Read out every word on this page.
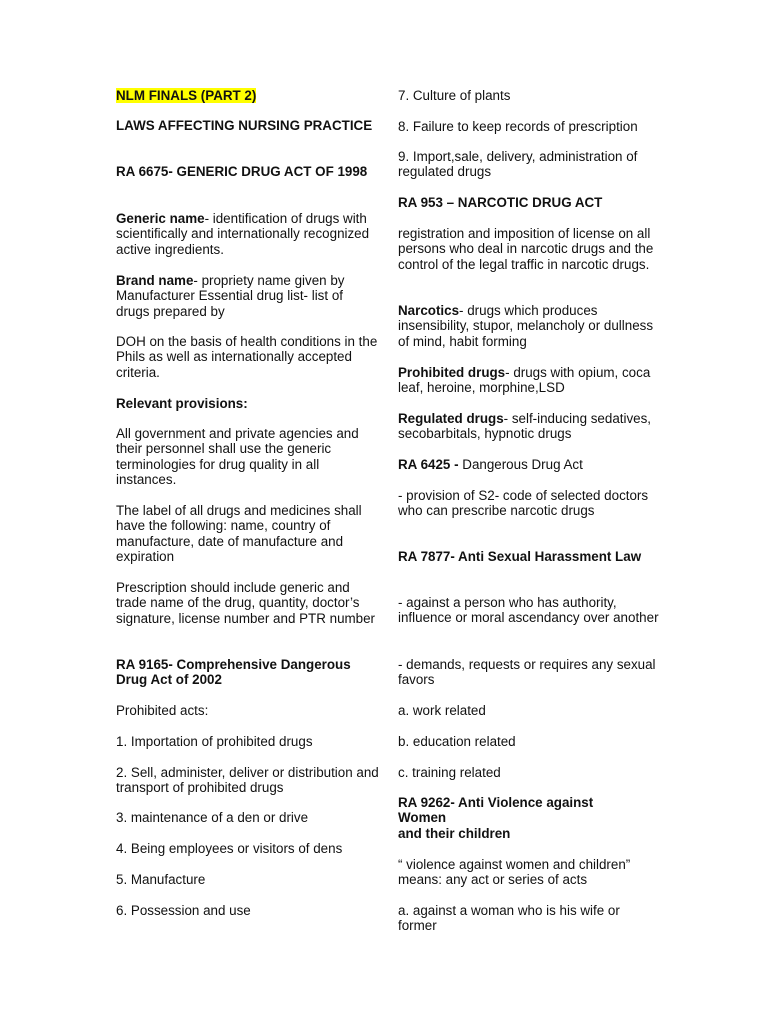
NLM FINALS (PART 2)

LAWS AFFECTING NURSING PRACTICE

RA 6675- GENERIC DRUG ACT OF 1998

Generic name- identification of drugs with scientifically and internationally recognized active ingredients.

Brand name- propriety name given by Manufacturer Essential drug list- list of drugs prepared by

DOH on the basis of health conditions in the Phils as well as internationally accepted criteria.

Relevant provisions:

All government and private agencies and their personnel shall use the generic terminologies for drug quality in all instances.

The label of all drugs and medicines shall have the following: name, country of manufacture, date of manufacture and expiration

Prescription should include generic and trade name of the drug, quantity, doctor’s signature, license number and PTR number

RA 9165- Comprehensive Dangerous Drug Act of 2002

Prohibited acts:

1. Importation of prohibited drugs

2. Sell, administer, deliver or distribution and transport of prohibited drugs

3. maintenance of a den or drive

4. Being employees or visitors of dens

5. Manufacture

6. Possession and use

7. Culture of plants

8. Failure to keep records of prescription

9. Import,sale, delivery, administration of regulated drugs

RA 953 – NARCOTIC DRUG ACT

registration and imposition of license on all persons who deal in narcotic drugs and the control of the legal traffic in narcotic drugs.

Narcotics- drugs which produces insensibility, stupor, melancholy or dullness of mind, habit forming

Prohibited drugs- drugs with opium, coca leaf, heroine, morphine,LSD

Regulated drugs- self-inducing sedatives, secobarbitals, hypnotic drugs

RA 6425 - Dangerous Drug Act

- provision of S2- code of selected doctors who can prescribe narcotic drugs

RA 7877- Anti Sexual Harassment Law

- against a person who has authority, influence or moral ascendancy over another

- demands, requests or requires any sexual favors

a. work related

b. education related

c. training related

RA 9262- Anti Violence against Women
and their children

“ violence against women and children” means: any act or series of acts

a. against a woman who is his wife or former
